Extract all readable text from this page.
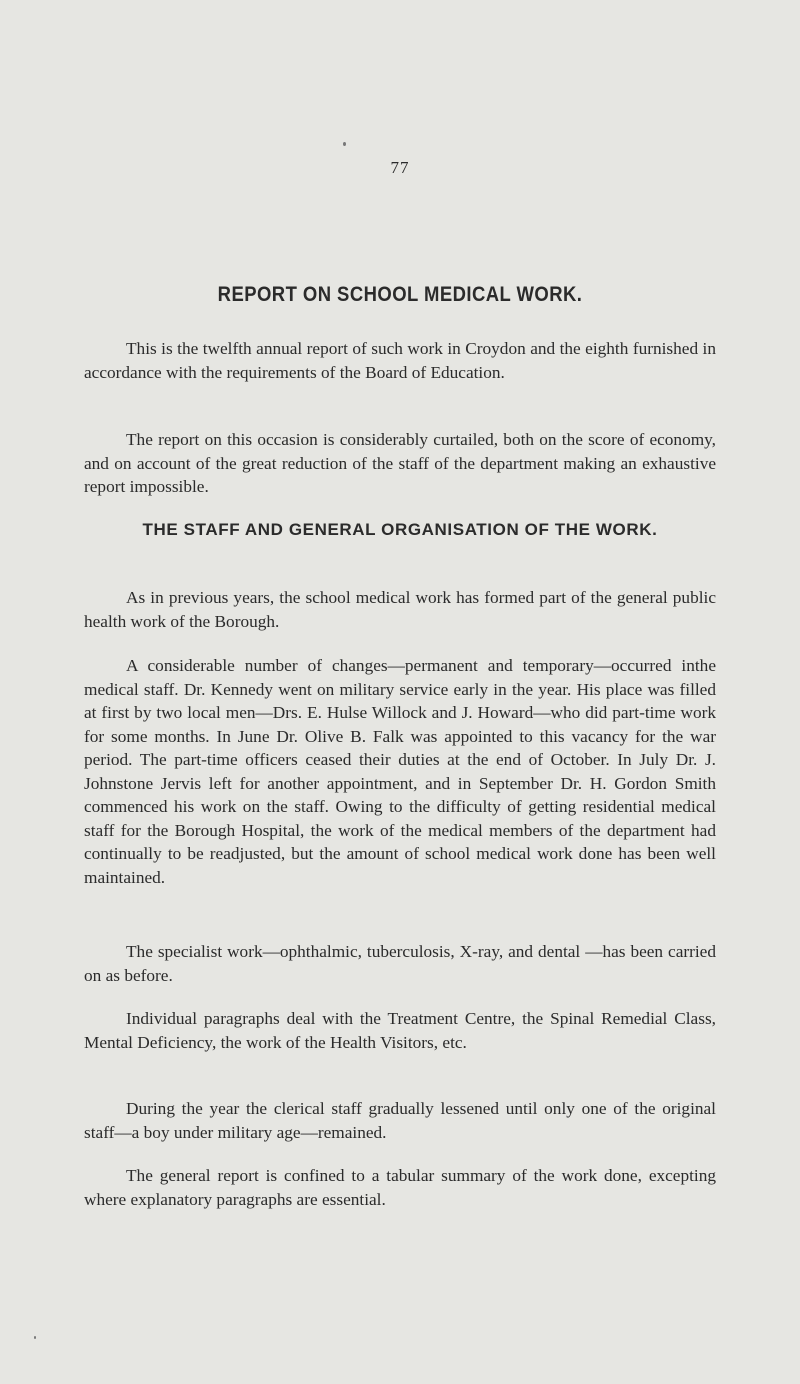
77
REPORT ON SCHOOL MEDICAL WORK.

This is the twelfth annual report of such work in Croydon and the eighth furnished in accordance with the requirements of the Board of Education.

The report on this occasion is considerably curtailed, both on the score of economy, and on account of the great reduction of the staff of the department making an exhaustive report impossible.

THE STAFF AND GENERAL ORGANISATION OF THE WORK.

As in previous years, the school medical work has formed part of the general public health work of the Borough.

A considerable number of changes—permanent and temporary—occurred inthe medical staff. Dr. Kennedy went on military service early in the year. His place was filled at first by two local men—Drs. E. Hulse Willock and J. Howard—who did part-time work for some months. In June Dr. Olive B. Falk was appointed to this vacancy for the war period. The part-time officers ceased their duties at the end of October. In July Dr. J. Johnstone Jervis left for another appointment, and in September Dr. H. Gordon Smith commenced his work on the staff. Owing to the difficulty of getting residential medical staff for the Borough Hospital, the work of the medical members of the department had continually to be readjusted, but the amount of school medical work done has been well maintained.

The specialist work—ophthalmic, tuberculosis, X-ray, and dental —has been carried on as before.

Individual paragraphs deal with the Treatment Centre, the Spinal Remedial Class, Mental Deficiency, the work of the Health Visitors, etc.

During the year the clerical staff gradually lessened until only one of the original staff—a boy under military age—remained.

The general report is confined to a tabular summary of the work done, excepting where explanatory paragraphs are essential.
